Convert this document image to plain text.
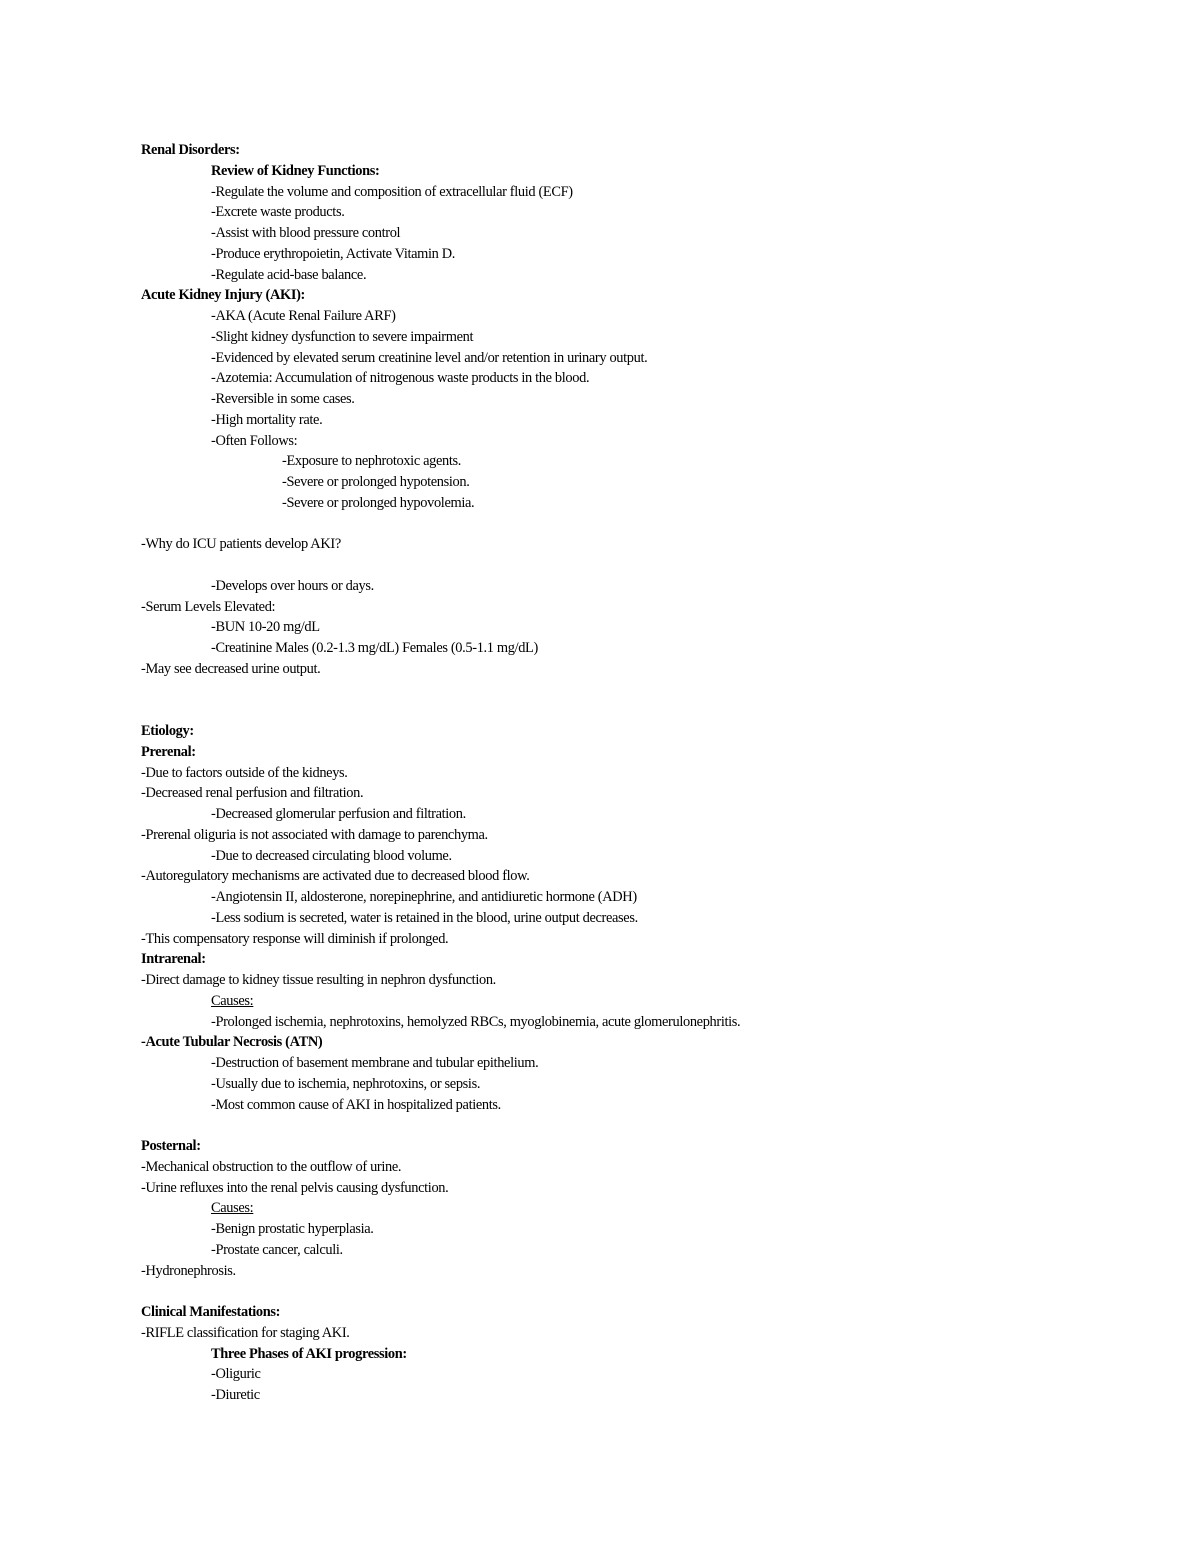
Renal Disorders:
Review of Kidney Functions:
-Regulate the volume and composition of extracellular fluid (ECF)
-Excrete waste products.
-Assist with blood pressure control
-Produce erythropoietin, Activate Vitamin D.
-Regulate acid-base balance.
Acute Kidney Injury (AKI):
-AKA (Acute Renal Failure ARF)
-Slight kidney dysfunction to severe impairment
-Evidenced by elevated serum creatinine level and/or retention in urinary output.
-Azotemia: Accumulation of nitrogenous waste products in the blood.
-Reversible in some cases.
-High mortality rate.
-Often Follows:
-Exposure to nephrotoxic agents.
-Severe or prolonged hypotension.
-Severe or prolonged hypovolemia.
-Why do ICU patients develop AKI?
-Develops over hours or days.
-Serum Levels Elevated:
-BUN 10-20 mg/dL
-Creatinine Males (0.2-1.3 mg/dL) Females (0.5-1.1 mg/dL)
-May see decreased urine output.
Etiology:
Prerenal:
-Due to factors outside of the kidneys.
-Decreased renal perfusion and filtration.
-Decreased glomerular perfusion and filtration.
-Prerenal oliguria is not associated with damage to parenchyma.
-Due to decreased circulating blood volume.
-Autoregulatory mechanisms are activated due to decreased blood flow.
-Angiotensin II, aldosterone, norepinephrine, and antidiuretic hormone (ADH)
-Less sodium is secreted, water is retained in the blood, urine output decreases.
-This compensatory response will diminish if prolonged.
Intrarenal:
-Direct damage to kidney tissue resulting in nephron dysfunction.
Causes:
-Prolonged ischemia, nephrotoxins, hemolyzed RBCs, myoglobinemia, acute glomerulonephritis.
-Acute Tubular Necrosis (ATN)
-Destruction of basement membrane and tubular epithelium.
-Usually due to ischemia, nephrotoxins, or sepsis.
-Most common cause of AKI in hospitalized patients.
Posternal:
-Mechanical obstruction to the outflow of urine.
-Urine refluxes into the renal pelvis causing dysfunction.
Causes:
-Benign prostatic hyperplasia.
-Prostate cancer, calculi.
-Hydronephrosis.
Clinical Manifestations:
-RIFLE classification for staging AKI.
Three Phases of AKI progression:
-Oliguric
-Diuretic
